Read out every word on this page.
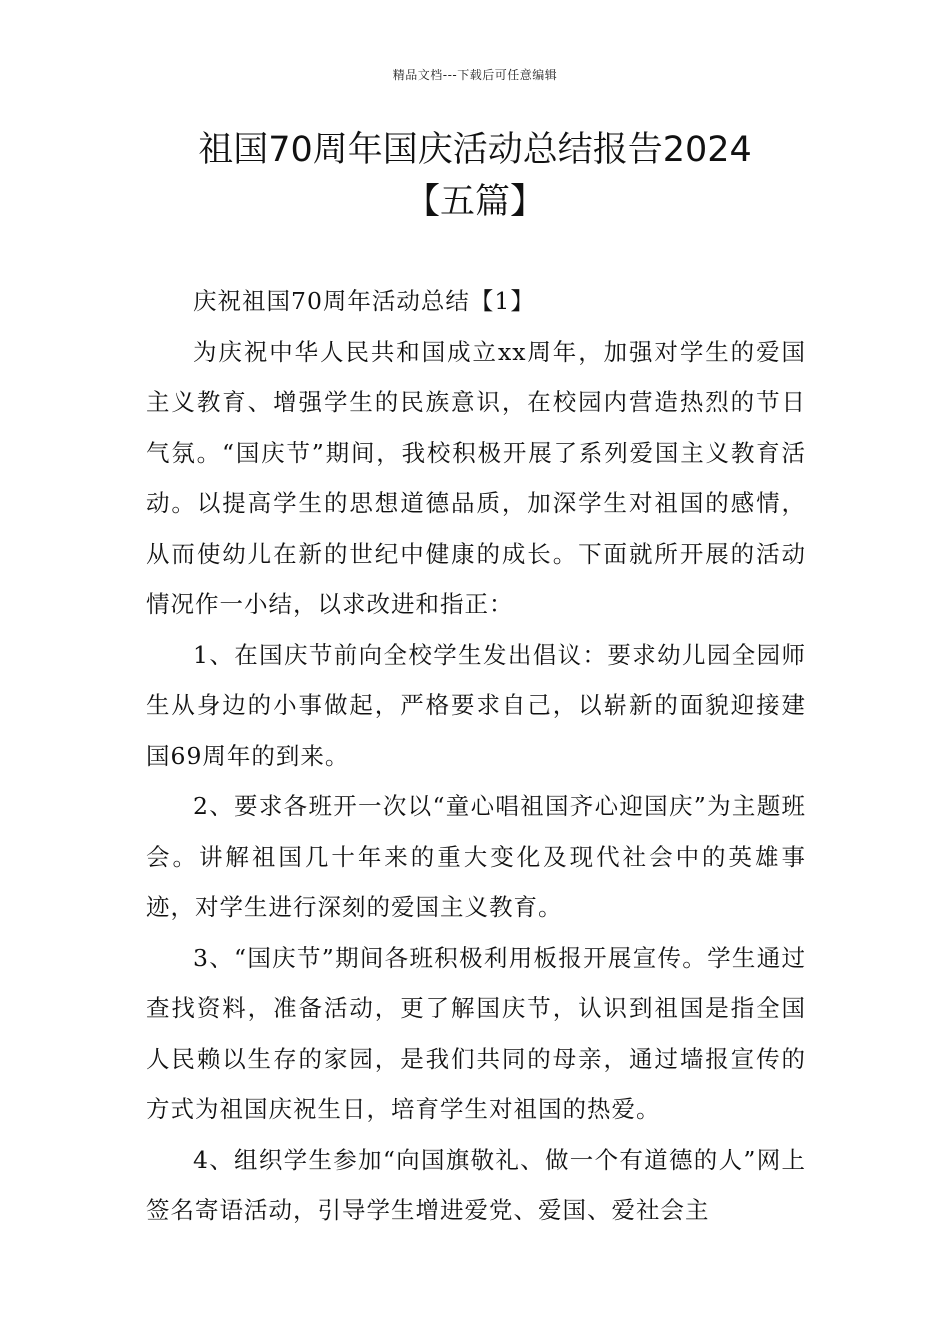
精品文档---下载后可任意编辑
祖国70周年国庆活动总结报告2024
【五篇】

庆祝祖国70周年活动总结【1】

为庆祝中华人民共和国成立xx周年，加强对学生的爱国主义教育、增强学生的民族意识，在校园内营造热烈的节日气氛。“国庆节”期间，我校积极开展了系列爱国主义教育活动。以提高学生的思想道德品质，加深学生对祖国的感情，从而使幼儿在新的世纪中健康的成长。下面就所开展的活动情况作一小结，以求改进和指正：

1、在国庆节前向全校学生发出倡议：要求幼儿园全园师生从身边的小事做起，严格要求自己，以崭新的面貌迎接建国69周年的到来。

2、要求各班开一次以“童心唱祖国齐心迎国庆”为主题班会。讲解祖国几十年来的重大变化及现代社会中的英雄事迹，对学生进行深刻的爱国主义教育。

3、“国庆节”期间各班积极利用板报开展宣传。学生通过查找资料，准备活动，更了解国庆节，认识到祖国是指全国人民赖以生存的家园，是我们共同的母亲，通过墙报宣传的方式为祖国庆祝生日，培育学生对祖国的热爱。

4、组织学生参加“向国旗敬礼、做一个有道德的人”网上签名寄语活动，引导学生增进爱党、爱国、爱社会主
